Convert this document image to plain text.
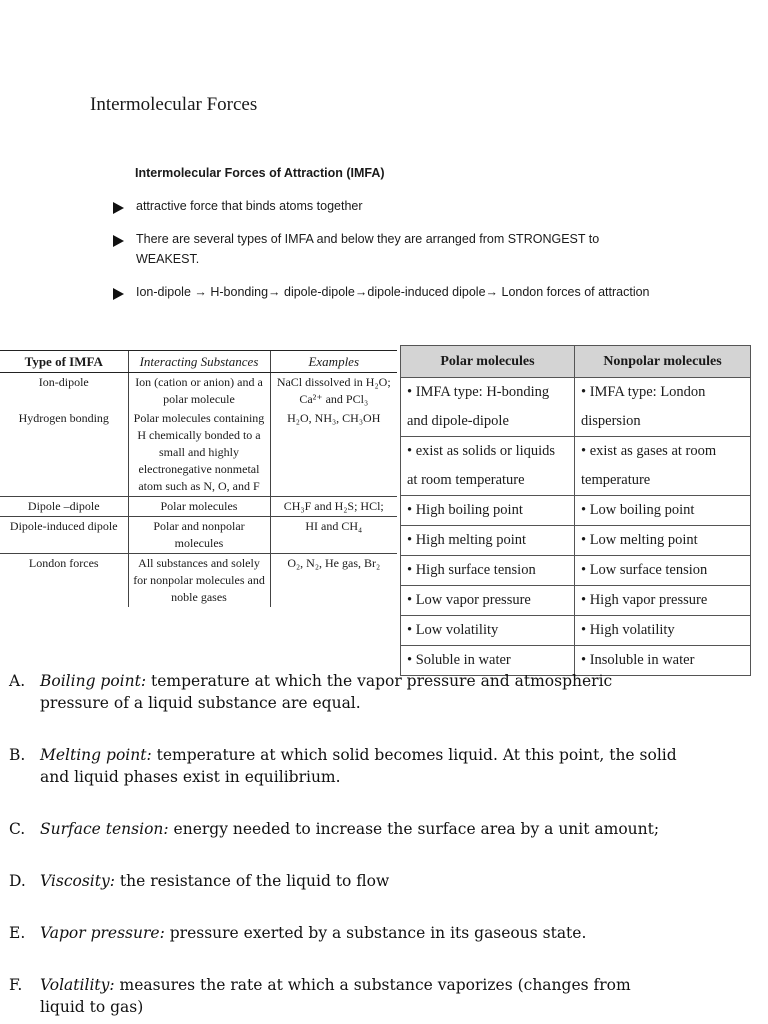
Intermolecular Forces

Intermolecular Forces of Attraction (IMFA)

attractive force that binds atoms together
There are several types of IMFA and below they are arranged from STRONGEST to WEAKEST.
Ion-dipole → H-bonding→ dipole-dipole→dipole-induced dipole→ London forces of attraction
Type of IMFA	Interacting Substances	Examples
Ion-dipole	Ion (cation or anion) and a polar molecule	NaCl dissolved in H₂O; Ca²⁺ and PCl₃
Hydrogen bonding	Polar molecules containing H chemically bonded to a small and highly electronegative nonmetal atom such as N, O, and F	H₂O, NH₃, CH₃OH
Dipole –dipole	Polar molecules	CH₃F and H₂S; HCl;
Dipole-induced dipole	Polar and nonpolar molecules	HI and CH₄
London forces	All substances and solely for nonpolar molecules and noble gases	O₂, N₂, He gas, Br₂
Polar molecules	Nonpolar molecules
• IMFA type: H-bonding and dipole-dipole	• IMFA type: London dispersion
• exist as solids or liquids at room temperature	• exist as gases at room temperature
• High boiling point	• Low boiling point
• High melting point	• Low melting point
• High surface tension	• Low surface tension
• Low vapor pressure	• High vapor pressure
• Low volatility	• High volatility
• Soluble in water	• Insoluble in water
A. Boiling point: temperature at which the vapor pressure and atmospheric
pressure of a liquid substance are equal.
B. Melting point: temperature at which solid becomes liquid. At this point, the solid
and liquid phases exist in equilibrium.
C. Surface tension: energy needed to increase the surface area by a unit amount;
D. Viscosity: the resistance of the liquid to flow
E. Vapor pressure: pressure exerted by a substance in its gaseous state.
F. Volatility: measures the rate at which a substance vaporizes (changes from
liquid to gas)
